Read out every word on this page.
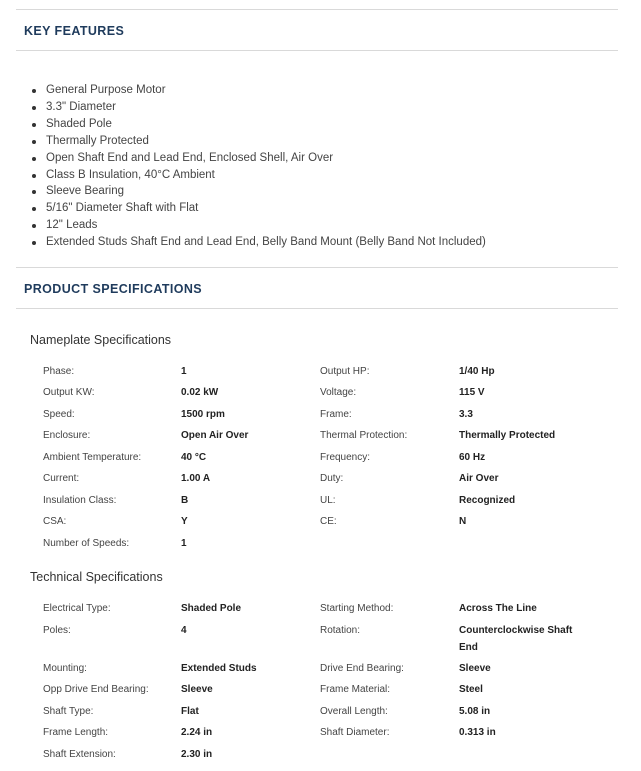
KEY FEATURES
General Purpose Motor
3.3" Diameter
Shaded Pole
Thermally Protected
Open Shaft End and Lead End, Enclosed Shell, Air Over
Class B Insulation, 40°C Ambient
Sleeve Bearing
5/16" Diameter Shaft with Flat
12" Leads
Extended Studs Shaft End and Lead End, Belly Band Mount (Belly Band Not Included)
PRODUCT SPECIFICATIONS
Nameplate Specifications
Phase:	1	Output HP:	1/40 Hp
Output KW:	0.02 kW	Voltage:	115 V
Speed:	1500 rpm	Frame:	3.3
Enclosure:	Open Air Over	Thermal Protection:	Thermally Protected
Ambient Temperature:	40 °C	Frequency:	60 Hz
Current:	1.00 A	Duty:	Air Over
Insulation Class:	B	UL:	Recognized
CSA:	Y	CE:	N
Number of Speeds:	1
Technical Specifications
Electrical Type:	Shaded Pole	Starting Method:	Across The Line
Poles:	4	Rotation:	Counterclockwise Shaft End
Mounting:	Extended Studs	Drive End Bearing:	Sleeve
Opp Drive End Bearing:	Sleeve	Frame Material:	Steel
Shaft Type:	Flat	Overall Length:	5.08 in
Frame Length:	2.24 in	Shaft Diameter:	0.313 in
Shaft Extension:	2.30 in
